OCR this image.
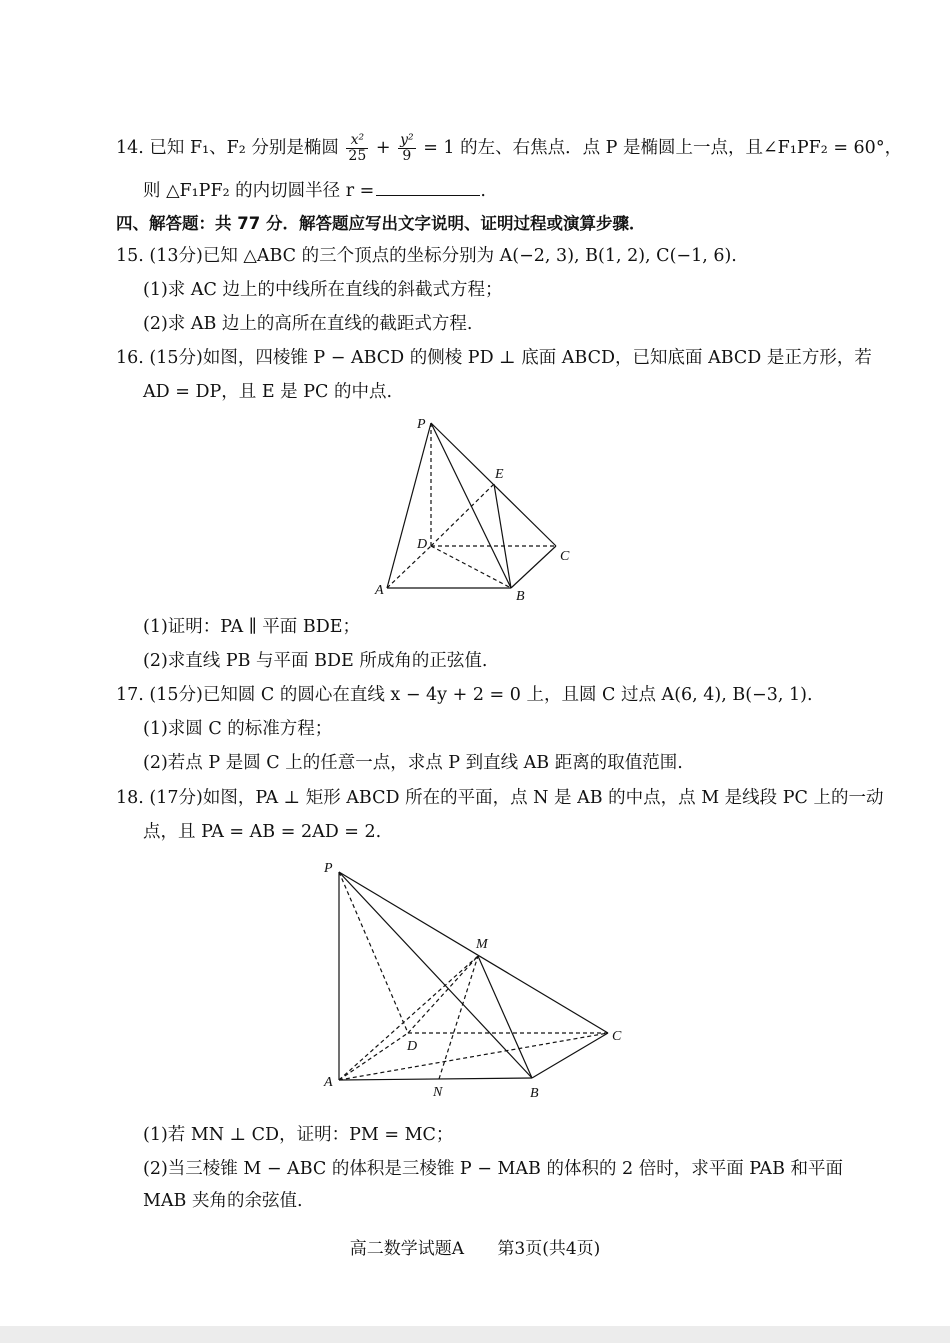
14. 已知 F₁、F₂ 分别是椭圆 $\frac{\text{x²}}{25} + \frac{\text{y²}}{9} = 1$ 的左、右焦点．点 P 是椭圆上一点，且∠F₁PF₂ = 60°，
则 △F₁PF₂ 的内切圆半径 r =	.
四、解答题：共 77 分．解答题应写出文字说明、证明过程或演算步骤．
15. (13分)已知 △ABC 的三个顶点的坐标分别为 A(−2, 3), B(1, 2), C(−1, 6).
(1)求 AC 边上的中线所在直线的斜截式方程；
(2)求 AB 边上的高所在直线的截距式方程.
16. (15分)如图，四棱锥 P − ABCD 的侧棱 PD ⊥ 底面 ABCD，已知底面 ABCD 是正方形，若
AD = DP，且 E 是 PC 的中点.
P
E
D
C
A	B
(1)证明：PA ∥ 平面 BDE；
(2)求直线 PB 与平面 BDE 所成角的正弦值.
17. (15分)已知圆 C 的圆心在直线 x − 4y + 2 = 0 上，且圆 C 过点 A(6, 4), B(−3, 1).
(1)求圆 C 的标准方程；
(2)若点 P 是圆 C 上的任意一点，求点 P 到直线 AB 距离的取值范围.
18. (17分)如图，PA ⊥ 矩形 ABCD 所在的平面，点 N 是 AB 的中点，点 M 是线段 PC 上的一动
点，且 PA = AB = 2AD = 2.
P
M
D
C
A
N	B
(1)若 MN ⊥ CD，证明：PM = MC；
(2)当三棱锥 M − ABC 的体积是三棱锥 P − MAB 的体积的 2 倍时，求平面 PAB 和平面
MAB 夹角的余弦值.
高二数学试题A 第3页(共4页)
